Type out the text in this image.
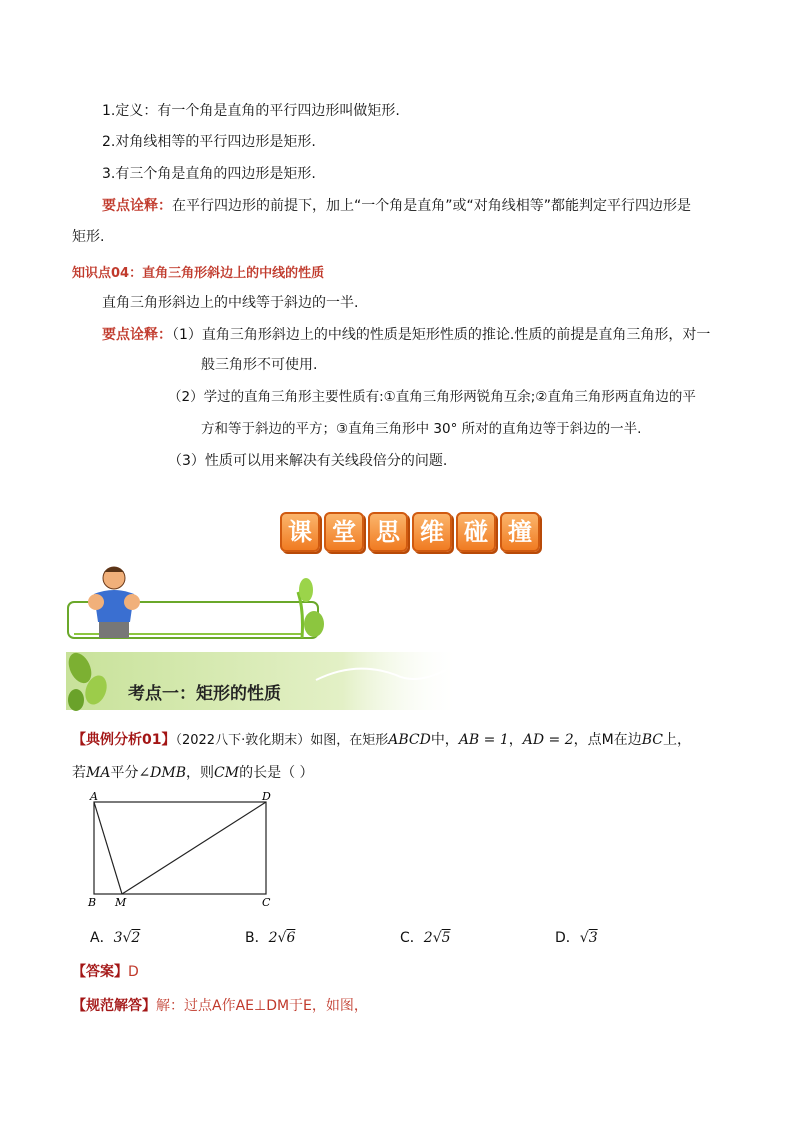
1.定义：有一个角是直角的平行四边形叫做矩形.
2.对角线相等的平行四边形是矩形.
3.有三个角是直角的四边形是矩形.
要点诠释：在平行四边形的前提下，加上“一个角是直角”或“对角线相等”都能判定平行四边形是
矩形.
知识点04：直角三角形斜边上的中线的性质
直角三角形斜边上的中线等于斜边的一半.
要点诠释：（1）直角三角形斜边上的中线的性质是矩形性质的推论.性质的前提是直角三角形，对一
般三角形不可使用.
（2）学过的直角三角形主要性质有:①直角三角形两锐角互余;②直角三角形两直角边的平
方和等于斜边的平方；③直角三角形中 30° 所对的直角边等于斜边的一半.
（3）性质可以用来解决有关线段倍分的问题.
课 堂 思 维 碰 撞
考点一：矩形的性质
【典例分析01】（2022八下·敦化期末）如图，在矩形ABCD中，AB = 1，AD = 2，点M在边BC上，
若MA平分∠DMB，则CM的长是（ ）
A	D
B M	C
A．3√2	B．2√6	C．2√5	D．√3
【答案】D
【规范解答】解：过点A作AE⊥DM于E，如图，
